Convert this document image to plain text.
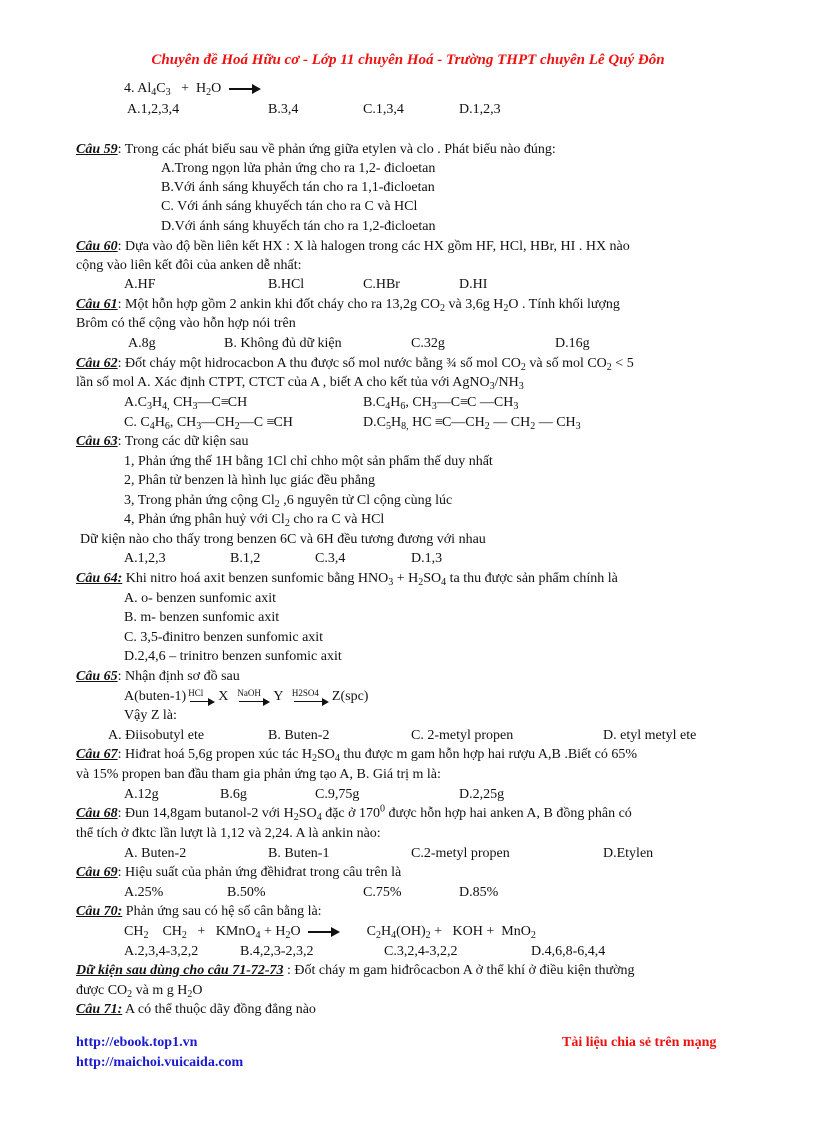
Chuyên đề Hoá Hữu cơ - Lớp 11 chuyên Hoá - Trường THPT chuyên Lê Quý Đôn
4. $Al_4C_3 + H_2O$ →
A.1,2,3,4	B.3,4	C.1,3,4	D.1,2,3
Câu 59: Trong các phát biểu sau về phản ứng giữa etylen và clo . Phát biểu nào đúng:
A.Trong ngọn lửa phản ứng cho ra 1,2- đicloetan
B.Với ánh sáng khuyếch tán cho ra 1,1-đicloetan
C. Với ánh sáng khuyếch tán cho ra C và HCl
D.Với ánh sáng khuyếch tán cho ra 1,2-đicloetan
Câu 60: Dựa vào độ bền liên kết HX : X là halogen trong các HX gồm HF, HCl, HBr, HI . HX nào
cộng vào liên kết đôi của anken dễ nhất:
A.HF	B.HCl	C.HBr	D.HI
Câu 61: Một hỗn hợp gồm 2 ankin khi đốt cháy cho ra 13,2g $CO_2$ và 3,6g $H_2O$ . Tính khối lượng
Brôm có thể cộng vào hỗn hợp nói trên
A.8g	B. Không đủ dữ kiện	C.32g	D.16g
Câu 62: Đốt cháy một hidrocacbon A thu được số mol nước bằng ¾ số mol $CO_2$ và số mol $CO_2 < 5$
lần số mol A. Xác định CTPT, CTCT của A , biết A cho kết tủa với $AgNO_3/NH_3$
$A.C_3H_{4,}$ $CH_3—C\equiv CH$	$B.C_4H_6$, $CH_3—C\equiv C$ $—CH_3$
C. $C_4H_6$, $CH_3—CH_2—C \equiv CH$	$D.C_5H_{8,}$ HC $\equiv C—CH_2$ — $CH_2$ — $CH_3$
Câu 63: Trong các dữ kiện sau
1, Phản ứng thế 1H bằng 1Cl chỉ chho một sản phẩm thế duy nhất
2, Phân tử benzen là hình lục giác đều phẳng
3, Trong phản ứng cộng $Cl_2$ ,6 nguyên tử Cl cộng cùng lúc
4, Phản ứng phân huỷ với $Cl_2$ cho ra C và HCl
Dữ kiện nào cho thấy trong benzen 6C và 6H đều tương đương với nhau
A.1,2,3	B.1,2	C.3,4	D.1,3
Câu 64: Khi nitro hoá axit benzen sunfomic bằng $HNO_3 + H_2SO_4$ ta thu được sản phẩm chính là
A. o- benzen sunfomic axit
B. m- benzen sunfomic axit
C. 3,5-đinitro benzen sunfomic axit
D.2,4,6 – trinitro benzen sunfomic axit
Câu 65: Nhận định sơ đồ sau
A(buten-1) HCl X NaOH Y H2SO4 Z(spc)
Vậy Z là:
A. Điisobutyl ete	B. Buten-2	C. 2-metyl propen	D. etyl metyl ete
Câu 67: Hiđrat hoá 5,6g propen xúc tác $H_2SO_4$ thu được m gam hỗn hợp hai rượu A,B .Biết có 65%
và 15% propen ban đầu tham gia phản ứng tạo A, B. Giá trị m là:
A.12g	B.6g	C.9,75g	D.2,25g
Câu 68: Đun 14,8gam butanol-2 với $H_2SO_4$ đặc ở $170^0$ được hỗn hợp hai anken A, B đồng phân có
thể tích ở đktc lần lượt là 1,12 và 2,24. A là ankin nào:
A. Buten-2	B. Buten-1	C.2-metyl propen	D.Etylen
Câu 69: Hiệu suất của phản ứng đềhiđrat trong câu trên là
A.25%	B.50%	C.75%	D.85%
Câu 70: Phản ứng sau có hệ số cân bằng là:
$CH_2$    $CH_2$   +   KMnO$_4$ + $H_2O \to C_2H_4(OH)_2$ +   KOH +  MnO$_2$
A.2,3,4-3,2,2	B.4,2,3-2,3,2	C.3,2,4-3,2,2	D.4,6,8-6,4,4
Dữ kiện sau dùng cho câu 71-72-73 : Đốt cháy m gam hiđrôcacbon A ở thể khí ở điều kiện thường
được $CO_2$ và m g $H_2O$
Câu 71: A có thể thuộc dãy đồng đẳng nào
http://ebook.top1.vn
http://maichoi.vuicaida.com
Tài liệu chia sẻ trên mạng
